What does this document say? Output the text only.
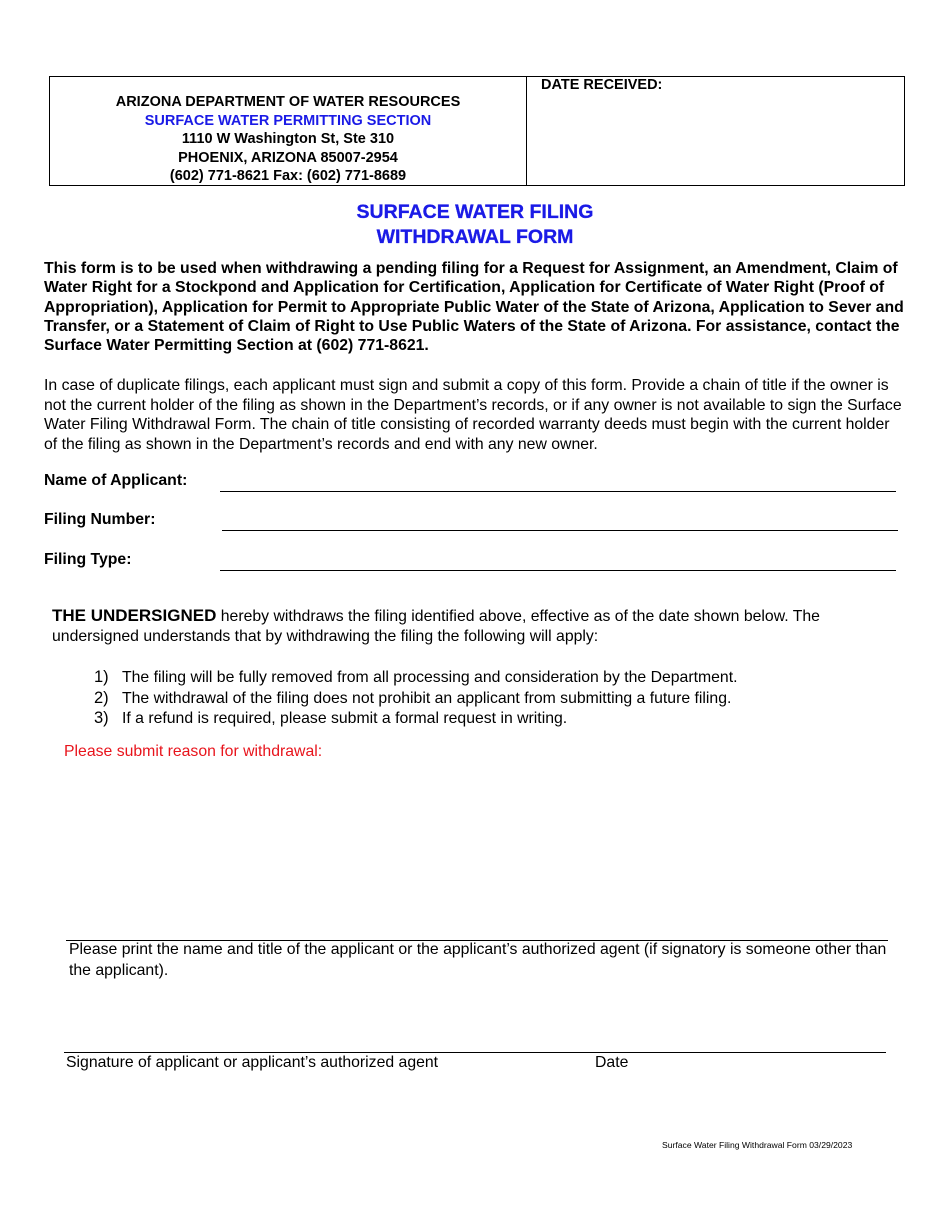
ARIZONA DEPARTMENT OF WATER RESOURCES
SURFACE WATER PERMITTING SECTION
1110 W Washington St, Ste 310
PHOENIX, ARIZONA 85007-2954
(602) 771-8621 Fax: (602) 771-8689
DATE RECEIVED:
SURFACE WATER FILING
WITHDRAWAL FORM
This form is to be used when withdrawing a pending filing for a Request for Assignment, an Amendment, Claim of Water Right for a Stockpond and Application for Certification, Application for Certificate of Water Right (Proof of Appropriation), Application for Permit to Appropriate Public Water of the State of Arizona, Application to Sever and Transfer, or a Statement of Claim of Right to Use Public Waters of the State of Arizona. For assistance, contact the Surface Water Permitting Section at (602) 771-8621.
In case of duplicate filings, each applicant must sign and submit a copy of this form. Provide a chain of title if the owner is not the current holder of the filing as shown in the Department’s records, or if any owner is not available to sign the Surface Water Filing Withdrawal Form. The chain of title consisting of recorded warranty deeds must begin with the current holder of the filing as shown in the Department’s records and end with any new owner.
Name of Applicant:
Filing Number:
Filing Type:
THE UNDERSIGNED hereby withdraws the filing identified above, effective as of the date shown below. The undersigned understands that by withdrawing the filing the following will apply:
1) The filing will be fully removed from all processing and consideration by the Department.
2) The withdrawal of the filing does not prohibit an applicant from submitting a future filing.
3) If a refund is required, please submit a formal request in writing.
Please submit reason for withdrawal:
Please print the name and title of the applicant or the applicant’s authorized agent (if signatory is someone other than the applicant).
Signature of applicant or applicant’s authorized agent	Date
Surface Water Filing Withdrawal Form 03/29/2023
